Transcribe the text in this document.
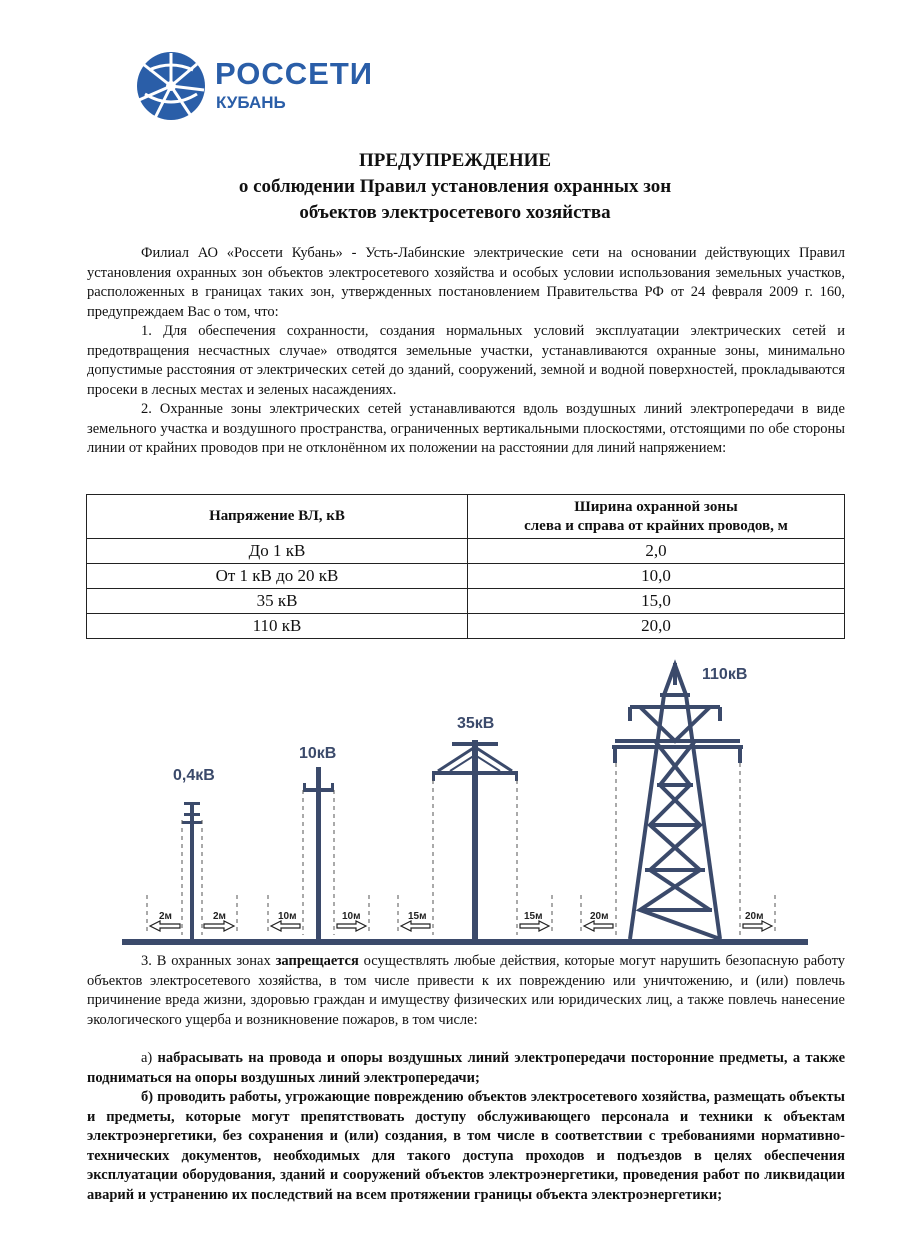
РОССЕТИ
КУБАНЬ
ПРЕДУПРЕЖДЕНИЕ
о соблюдении Правил установления охранных зон
объектов электросетевого хозяйства

Филиал АО «Россети Кубань» - Усть-Лабинские электрические сети на основании действующих Правил установления охранных зон объектов электросетевого хозяйства и особых условии использования земельных участков, расположенных в границах таких зон, утвержденных постановлением Правительства РФ от 24 февраля 2009 г. 160, предупреждаем Вас о том, что:

1. Для обеспечения сохранности, создания нормальных условий эксплуатации электрических сетей и предотвращения несчастных случае» отводятся земельные участки, устанавливаются охранные зоны, минимально допустимые расстояния от электрических сетей до зданий, сооружений, земной и водной поверхностей, прокладываются просеки в лесных местах и зеленых насаждениях.

2. Охранные зоны электрических сетей устанавливаются вдоль воздушных линий электропередачи в виде земельного участка и воздушного пространства, ограниченных вертикальными плоскостями, отстоящими по обе стороны линии от крайних проводов при не отклонённом их положении на расстоянии для линий напряжением:

Напряжение ВЛ, кВ	Ширина охранной зоны
слева и справа от крайних проводов, м
До 1 кВ	2,0
От 1 кВ до 20 кВ	10,0
35 кВ	15,0
110 кВ	20,0
0,4кВ
10кВ
35кВ
110кВ
2м	2м	10м	10м	15м	15м	20м	20м

3. В охранных зонах запрещается осуществлять любые действия, которые могут нарушить безопасную работу объектов электросетевого хозяйства, в том числе привести к их повреждению или уничтожению, и (или) повлечь причинение вреда жизни, здоровью граждан и имуществу физических или юридических лиц, а также повлечь нанесение экологического ущерба и возникновение пожаров, в том числе:

а) набрасывать на провода и опоры воздушных линий электропередачи посторонние предметы, а также подниматься на опоры воздушных линий электропередачи;

б) проводить работы, угрожающие повреждению объектов электросетевого хозяйства, размещать объекты и предметы, которые могут препятствовать доступу обслуживающего персонала и техники к объектам электроэнергетики, без сохранения и (или) создания, в том числе в соответствии с требованиями нормативно-технических документов, необходимых для такого доступа проходов и подъездов в целях обеспечения эксплуатации оборудования, зданий и сооружений объектов электроэнергетики, проведения работ по ликвидации аварий и устранению их последствий на всем протяжении границы объекта электроэнергетики;
